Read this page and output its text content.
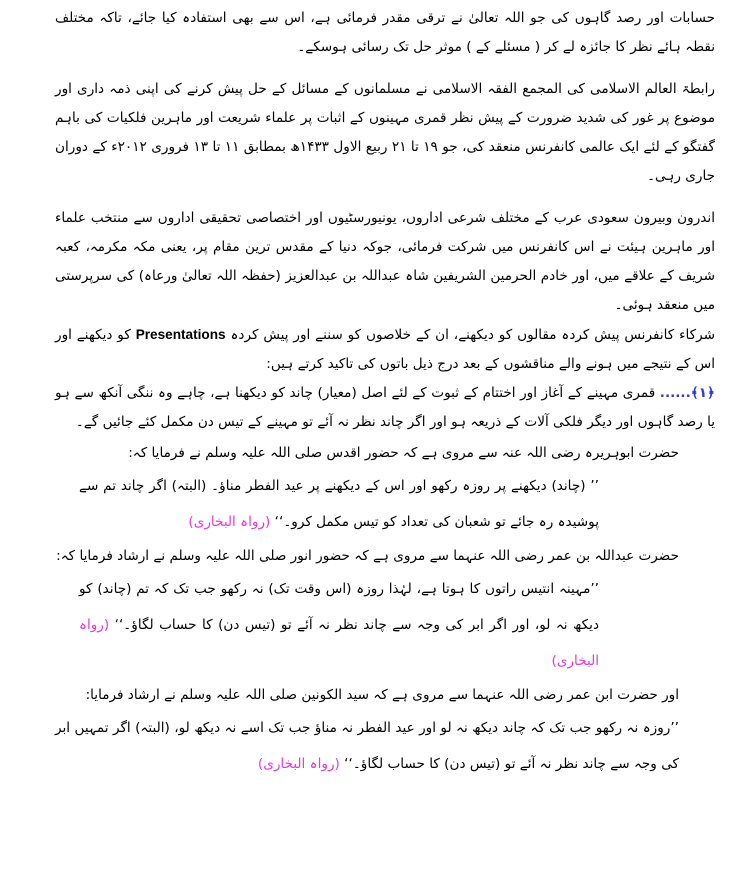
حسابات اور رصد گاہوں کی جو اللہ تعالیٰ نے ترقی مقدر فرمائی ہے، اس سے بھی استفادہ کیا جائے، تاکہ مختلف نقطہ ہائے نظر کا جائزہ لے کر ( مسئلے کے ) موثر حل تک رسائی ہوسکے۔

رابطۃ العالم الاسلامی کی المجمع الفقہ الاسلامی نے مسلمانوں کے مسائل کے حل پیش کرنے کی اپنی ذمہ داری اور موضوع پر غور کی شدید ضرورت کے پیش نظر قمری مہینوں کے اثبات پر علماء شریعت اور ماہرین فلکیات کی باہم گفتگو کے لئے ایک عالمی کانفرنس منعقد کی، جو ۱۹ تا ۲۱ ربیع الاول ۱۴۳۳ھ بمطابق ۱۱ تا ۱۳ فروری ۲۰۱۲ء کے دوران جاری رہی۔

اندرون وبیرون سعودی عرب کے مختلف شرعی اداروں، یونیورسٹیوں اور اختصاصی تحقیقی اداروں سے منتخب علماء اور ماہرین ہیئت نے اس کانفرنس میں شرکت فرمائی، جوکہ دنیا کے مقدس ترین مقام پر، یعنی مکہ مکرمہ، کعبہ شریف کے علاقے میں، اور خادم الحرمین الشریفین شاہ عبداللہ بن عبدالعزیز (حفظہ اللہ تعالیٰ ورعاہ) کی سرپرستی میں منعقد ہوئی۔

شرکاء کانفرنس پیش کردہ مقالوں کو دیکھنے، ان کے خلاصوں کو سننے اور پیش کردہ Presentations کو دیکھنے اور اس کے نتیجے میں ہونے والے مناقشوں کے بعد درج ذیل باتوں کی تاکید کرتے ہیں:

﴿۱﴾...... قمری مہینے کے آغاز اور اختتام کے ثبوت کے لئے اصل (معیار) چاند کو دیکھنا ہے، چاہے وہ ننگی آنکھ سے ہو یا رصد گاہوں اور دیگر فلکی آلات کے ذریعہ ہو اور اگر چاند نظر نہ آئے تو مہینے کے تیس دن مکمل کئے جائیں گے۔

حضرت ابوہریرہ رضی اللہ عنہ سے مروی ہے کہ حضور اقدس صلی اللہ علیہ وسلم نے فرمایا کہ:

’’ (چاند) دیکھنے پر روزہ رکھو اور اس کے دیکھنے پر عید الفطر مناؤ۔ (البتہ) اگر چاند تم سے پوشیدہ رہ جائے تو شعبان کی تعداد کو تیس مکمل کرو۔‘‘ (رواہ البخاری)

حضرت عبداللہ بن عمر رضی اللہ عنہما سے مروی ہے کہ حضور انور صلی اللہ علیہ وسلم نے ارشاد فرمایا کہ:

’’مہینہ انتیس راتوں کا ہوتا ہے، لہٰذا روزہ (اس وقت تک) نہ رکھو جب تک کہ تم (چاند) کو دیکھ نہ لو، اور اگر ابر کی وجہ سے چاند نظر نہ آئے تو (تیس دن) کا حساب لگاؤ۔‘‘ (رواہ البخاری)

اور حضرت ابن عمر رضی اللہ عنہما سے مروی ہے کہ سید الکونین صلی اللہ علیہ وسلم نے ارشاد فرمایا:

’’روزہ نہ رکھو جب تک کہ چاند دیکھ نہ لو اور عید الفطر نہ مناؤ جب تک اسے نہ دیکھ لو، (البتہ) اگر تمہیں ابر کی وجہ سے چاند نظر نہ آئے تو (تیس دن) کا حساب لگاؤ۔‘‘ (رواہ البخاری)
